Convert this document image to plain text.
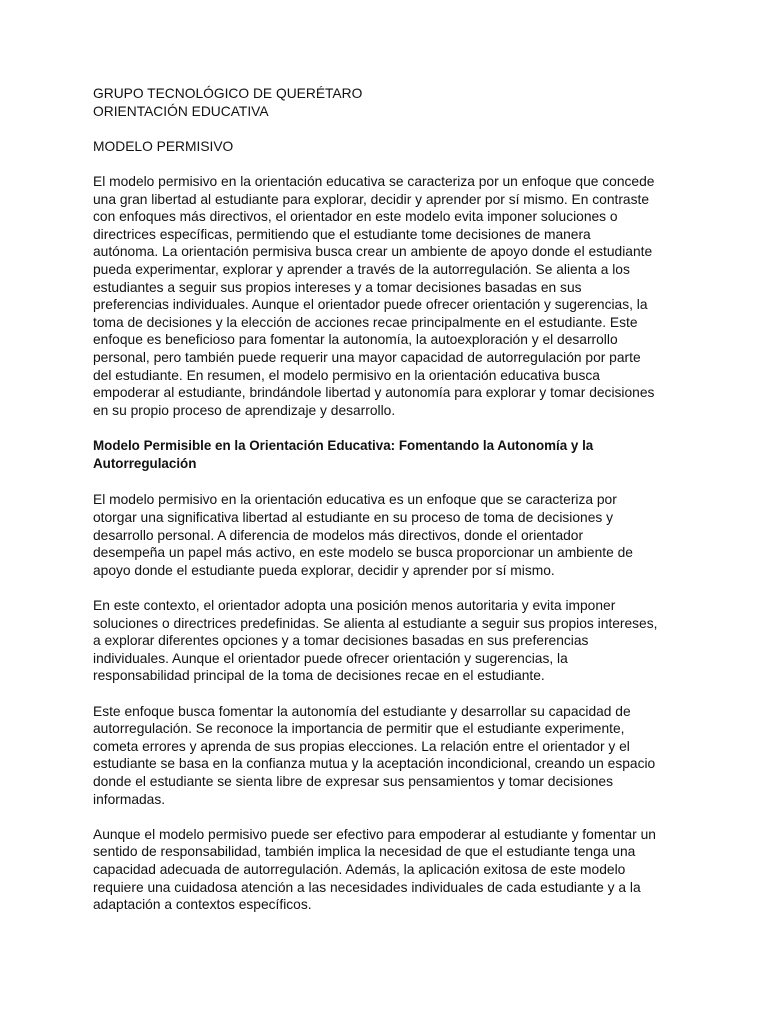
GRUPO TECNOLÓGICO DE QUERÉTARO
ORIENTACIÓN EDUCATIVA
MODELO PERMISIVO
El modelo permisivo en la orientación educativa se caracteriza por un enfoque que concede
una gran libertad al estudiante para explorar, decidir y aprender por sí mismo. En contraste
con enfoques más directivos, el orientador en este modelo evita imponer soluciones o
directrices específicas, permitiendo que el estudiante tome decisiones de manera
autónoma. La orientación permisiva busca crear un ambiente de apoyo donde el estudiante
pueda experimentar, explorar y aprender a través de la autorregulación. Se alienta a los
estudiantes a seguir sus propios intereses y a tomar decisiones basadas en sus
preferencias individuales. Aunque el orientador puede ofrecer orientación y sugerencias, la
toma de decisiones y la elección de acciones recae principalmente en el estudiante. Este
enfoque es beneficioso para fomentar la autonomía, la autoexploración y el desarrollo
personal, pero también puede requerir una mayor capacidad de autorregulación por parte
del estudiante. En resumen, el modelo permisivo en la orientación educativa busca
empoderar al estudiante, brindándole libertad y autonomía para explorar y tomar decisiones
en su propio proceso de aprendizaje y desarrollo.
Modelo Permisible en la Orientación Educativa: Fomentando la Autonomía y la
Autorregulación
El modelo permisivo en la orientación educativa es un enfoque que se caracteriza por
otorgar una significativa libertad al estudiante en su proceso de toma de decisiones y
desarrollo personal. A diferencia de modelos más directivos, donde el orientador
desempeña un papel más activo, en este modelo se busca proporcionar un ambiente de
apoyo donde el estudiante pueda explorar, decidir y aprender por sí mismo.
En este contexto, el orientador adopta una posición menos autoritaria y evita imponer
soluciones o directrices predefinidas. Se alienta al estudiante a seguir sus propios intereses,
a explorar diferentes opciones y a tomar decisiones basadas en sus preferencias
individuales. Aunque el orientador puede ofrecer orientación y sugerencias, la
responsabilidad principal de la toma de decisiones recae en el estudiante.
Este enfoque busca fomentar la autonomía del estudiante y desarrollar su capacidad de
autorregulación. Se reconoce la importancia de permitir que el estudiante experimente,
cometa errores y aprenda de sus propias elecciones. La relación entre el orientador y el
estudiante se basa en la confianza mutua y la aceptación incondicional, creando un espacio
donde el estudiante se sienta libre de expresar sus pensamientos y tomar decisiones
informadas.
Aunque el modelo permisivo puede ser efectivo para empoderar al estudiante y fomentar un
sentido de responsabilidad, también implica la necesidad de que el estudiante tenga una
capacidad adecuada de autorregulación. Además, la aplicación exitosa de este modelo
requiere una cuidadosa atención a las necesidades individuales de cada estudiante y a la
adaptación a contextos específicos.
